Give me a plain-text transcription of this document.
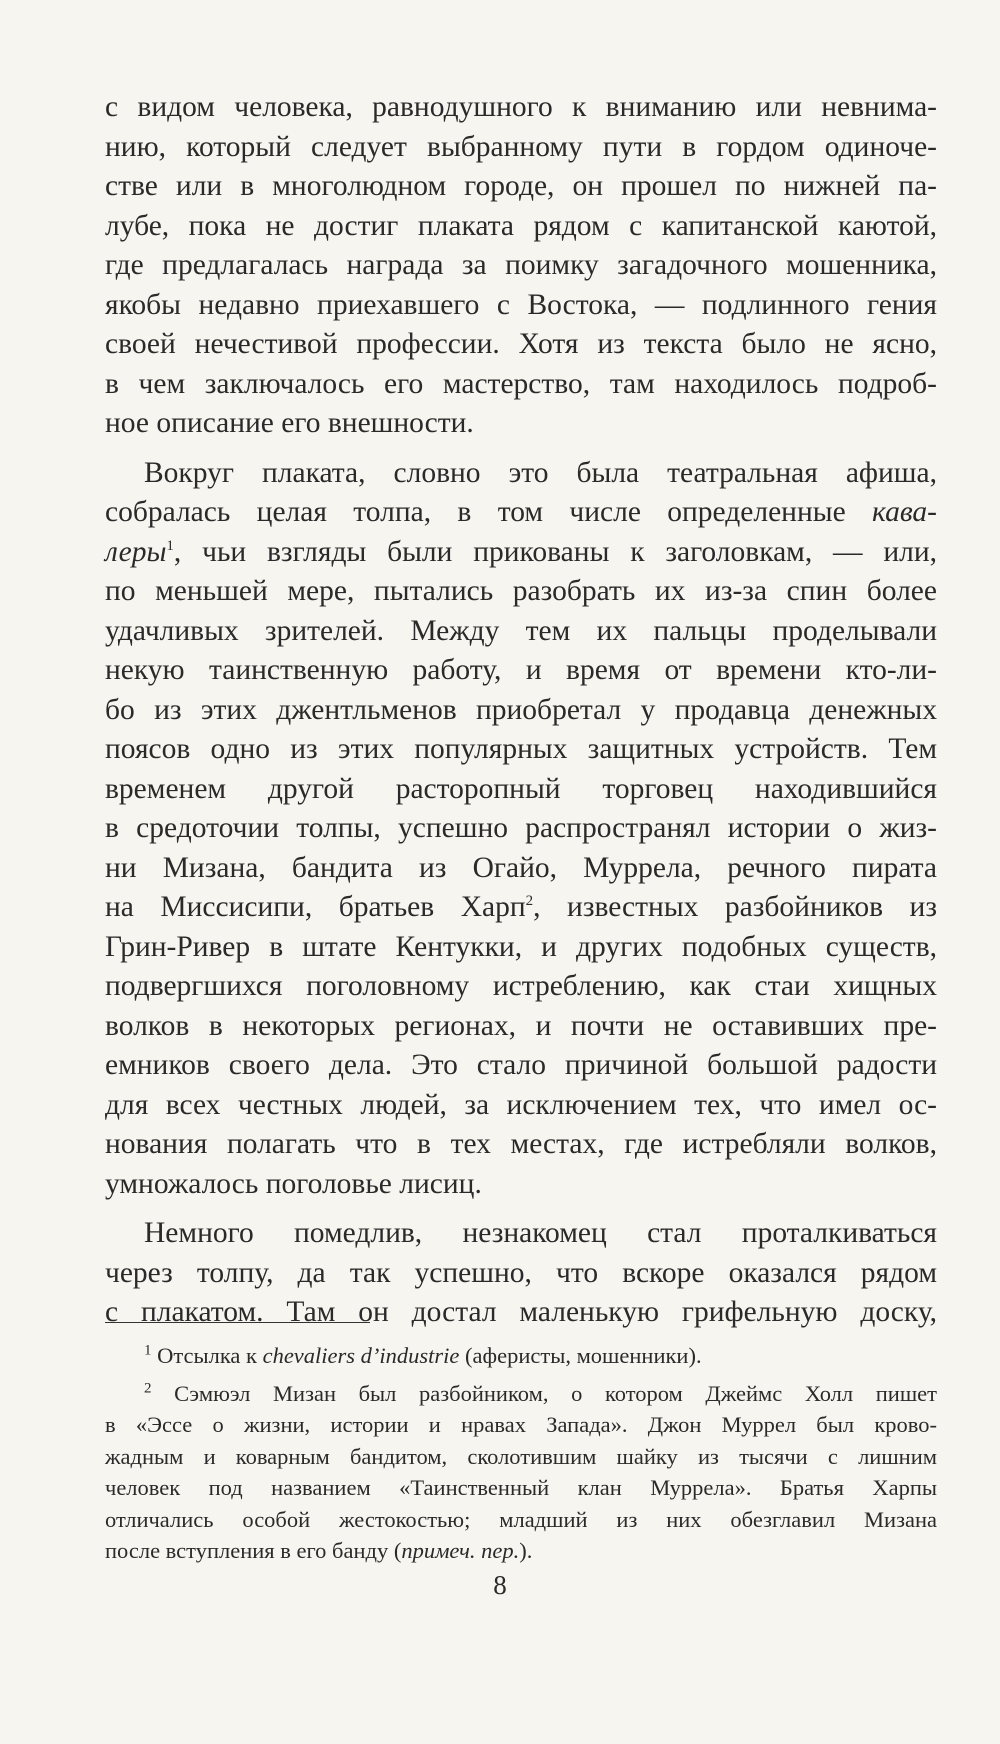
с видом человека, равнодушного к вниманию или невнима-
нию, который следует выбранному пути в гордом одиноче-
стве или в многолюдном городе, он прошел по нижней па-
лубе, пока не достиг плаката рядом с капитанской каютой,
где предлагалась награда за поимку загадочного мошенника,
якобы недавно приехавшего с Востока, — подлинного гения
своей нечестивой профессии. Хотя из текста было не ясно,
в чем заключалось его мастерство, там находилось подроб-
ное описание его внешности.
Вокруг плаката, словно это была театральная афиша,
собралась целая толпа, в том числе определенные кава-
леры$^1$, чьи взгляды были прикованы к заголовкам, — или,
по меньшей мере, пытались разобрать их из-за спин более
удачливых зрителей. Между тем их пальцы проделывали
некую таинственную работу, и время от времени кто-ли-
бо из этих джентльменов приобретал у продавца денежных
поясов одно из этих популярных защитных устройств. Тем
временем другой расторопный торговец находившийся
в средоточии толпы, успешно распространял истории о жиз-
ни Мизана, бандита из Огайо, Муррела, речного пирата
на Миссисипи, братьев Харп$^2$, известных разбойников из
Грин-Ривер в штате Кентукки, и других подобных существ,
подвергшихся поголовному истреблению, как стаи хищных
волков в некоторых регионах, и почти не оставивших пре-
емников своего дела. Это стало причиной большой радости
для всех честных людей, за исключением тех, что имел ос-
нования полагать что в тех местах, где истребляли волков,
умножалось поголовье лисиц.
Немного помедлив, незнакомец стал проталкиваться
через толпу, да так успешно, что вскоре оказался рядом
с плакатом. Там он достал маленькую грифельную доску,
$^1$ Отсылка к chevaliers d’industrie (аферисты, мошенники).
$^2$ Сэмюэл Мизан был разбойником, о котором Джеймс Холл пишет
в «Эссе о жизни, истории и нравах Запада». Джон Муррел был крово-
жадным и коварным бандитом, сколотившим шайку из тысячи с лишним
человек под названием «Таинственный клан Муррела». Братья Харпы
отличались особой жестокостью; младший из них обезглавил Мизана
после вступления в его банду (примеч. пер.).
8
